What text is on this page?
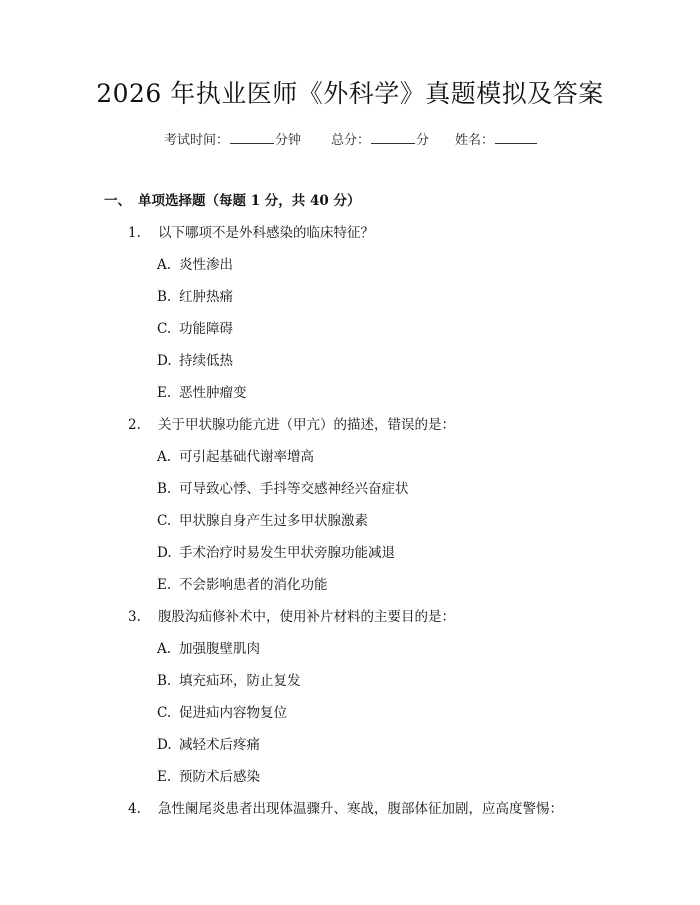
2026 年执业医师《外科学》真题模拟及答案
考试时间：	分钟 总分：	分 姓名：
一、 单项选择题（每题 1 分，共 40 分）
1. 以下哪项不是外科感染的临床特征？
A. 炎性渗出
B. 红肿热痛
C. 功能障碍
D. 持续低热
E. 恶性肿瘤变
2. 关于甲状腺功能亢进（甲亢）的描述，错误的是：
A. 可引起基础代谢率增高
B. 可导致心悸、手抖等交感神经兴奋症状
C. 甲状腺自身产生过多甲状腺激素
D. 手术治疗时易发生甲状旁腺功能减退
E. 不会影响患者的消化功能
3. 腹股沟疝修补术中，使用补片材料的主要目的是：
A. 加强腹壁肌肉
B. 填充疝环，防止复发
C. 促进疝内容物复位
D. 减轻术后疼痛
E. 预防术后感染
4. 急性阑尾炎患者出现体温骤升、寒战，腹部体征加剧，应高度警惕：
